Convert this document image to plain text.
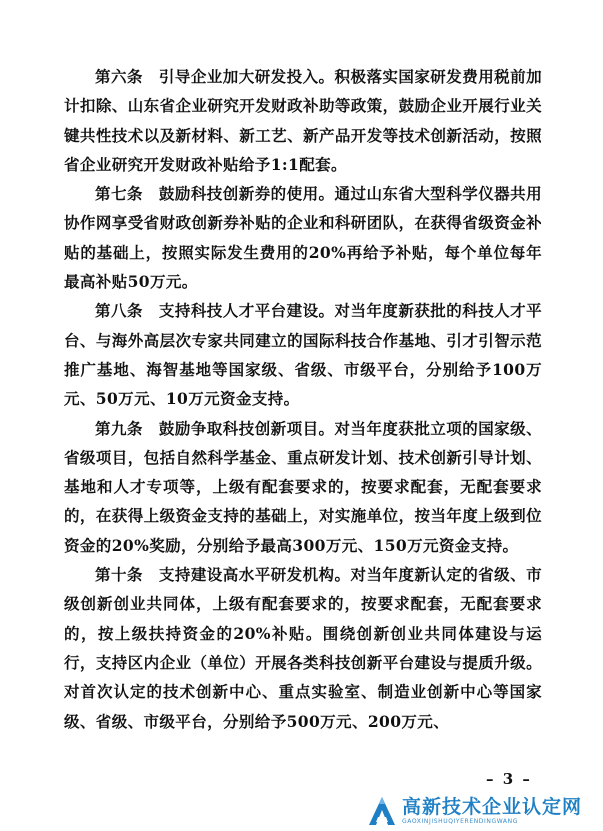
第六条 引导企业加大研发投入。积极落实国家研发费用税前加计扣除、山东省企业研究开发财政补助等政策，鼓励企业开展行业关键共性技术以及新材料、新工艺、新产品开发等技术创新活动，按照省企业研究开发财政补贴给予1:1配套。

第七条 鼓励科技创新券的使用。通过山东省大型科学仪器共用协作网享受省财政创新券补贴的企业和科研团队，在获得省级资金补贴的基础上，按照实际发生费用的20%再给予补贴，每个单位每年最高补贴50万元。

第八条 支持科技人才平台建设。对当年度新获批的科技人才平台、与海外高层次专家共同建立的国际科技合作基地、引才引智示范推广基地、海智基地等国家级、省级、市级平台，分别给予100万元、50万元、10万元资金支持。

第九条 鼓励争取科技创新项目。对当年度获批立项的国家级、省级项目，包括自然科学基金、重点研发计划、技术创新引导计划、基地和人才专项等，上级有配套要求的，按要求配套，无配套要求的，在获得上级资金支持的基础上，对实施单位，按当年度上级到位资金的20%奖励，分别给予最高300万元、150万元资金支持。

第十条 支持建设高水平研发机构。对当年度新认定的省级、市级创新创业共同体，上级有配套要求的，按要求配套，无配套要求的，按上级扶持资金的20%补贴。围绕创新创业共同体建设与运行，支持区内企业（单位）开展各类科技创新平台建设与提质升级。对首次认定的技术创新中心、重点实验室、制造业创新中心等国家级、省级、市级平台，分别给予500万元、200万元、

– 3 –
高新技术企业认定网
GAOXINJISHUQIYERENDINGWANG
